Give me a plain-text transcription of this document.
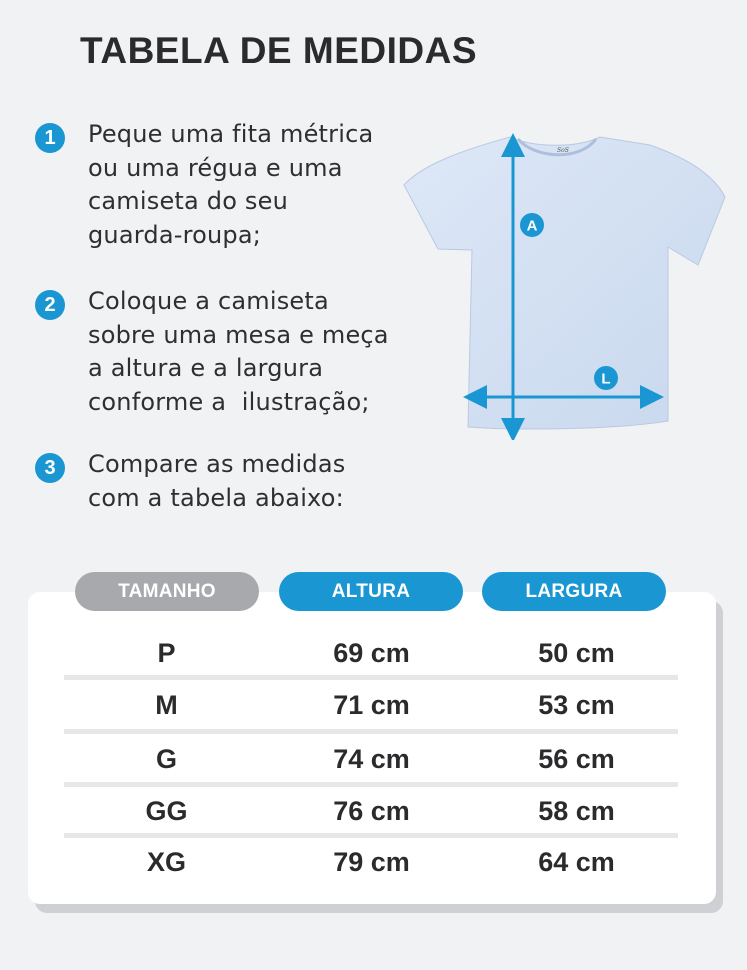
TABELA DE MEDIDAS
1	Peque uma fita métrica
ou uma régua e uma
camiseta do seu
guarda-roupa;
2	Coloque a camiseta
sobre uma mesa e meça
a altura e a largura
conforme a  ilustração;
3	Compare as medidas
com a tabela abaixo:
SoS
A
L
TAMANHO	ALTURA	LARGURA
P	69 cm	50 cm
M	71 cm	53 cm
G	74 cm	56 cm
GG	76 cm	58 cm
XG	79 cm	64 cm
